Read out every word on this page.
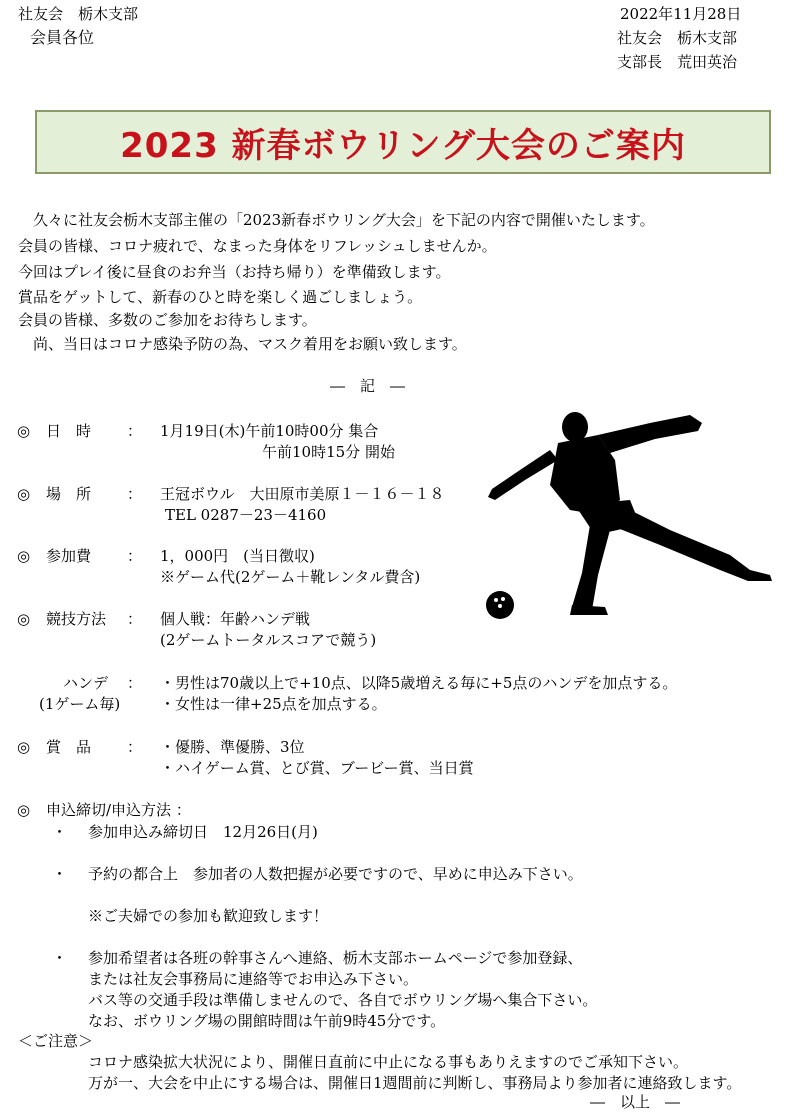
社友会　栃木支部
会員各位
2022年11月28日
社友会　栃木支部
支部長　荒田英治
2023 新春ボウリング大会のご案内
久々に社友会栃木支部主催の「2023新春ボウリング大会」を下記の内容で開催いたします。
会員の皆様、コロナ疲れで、なまった身体をリフレッシュしませんか。
今回はプレイ後に昼食のお弁当（お持ち帰り）を準備致します。
賞品をゲットして、新春のひと時を楽しく過ごしましょう。
会員の皆様、多数のご参加をお待ちします。
尚、当日はコロナ感染予防の為、マスク着用をお願い致します。
―　記　―
◎ 日　時 ： 1月19日(木)午前10時00分 集合
午前10時15分 開始
◎ 場　所 ： 王冠ボウル　大田原市美原１－１６－１８
TEL 0287－23－4160
◎ 参加費 ： 1，000円　(当日徴収)
※ゲーム代(2ゲーム＋靴レンタル費含)
◎ 競技方法 ： 個人戦：年齢ハンデ戦
(2ゲームトータルスコアで競う)
ハンデ ：
(1ゲーム毎)
・男性は70歳以上で+10点、以降5歳増える毎に+5点のハンデを加点する。
・女性は一律+25点を加点する。
◎ 賞　品 ： ・優勝、準優勝、3位
・ハイゲーム賞、とび賞、ブービー賞、当日賞
◎ 申込締切/申込方法 ：
・ 参加申込み締切日　12月26日(月)
・ 予約の都合上　参加者の人数把握が必要ですので、早めに申込み下さい。
※ご夫婦での参加も歓迎致します！
・ 参加希望者は各班の幹事さんへ連絡、栃木支部ホームページで参加登録、
または社友会事務局に連絡等でお申込み下さい。
バス等の交通手段は準備しませんので、各自でボウリング場へ集合下さい。
なお、ボウリング場の開館時間は午前9時45分です。
＜ご注意＞
コロナ感染拡大状況により、開催日直前に中止になる事もありえますのでご承知下さい。
万が一、大会を中止にする場合は、開催日1週間前に判断し、事務局より参加者に連絡致します。
―　以上　―
